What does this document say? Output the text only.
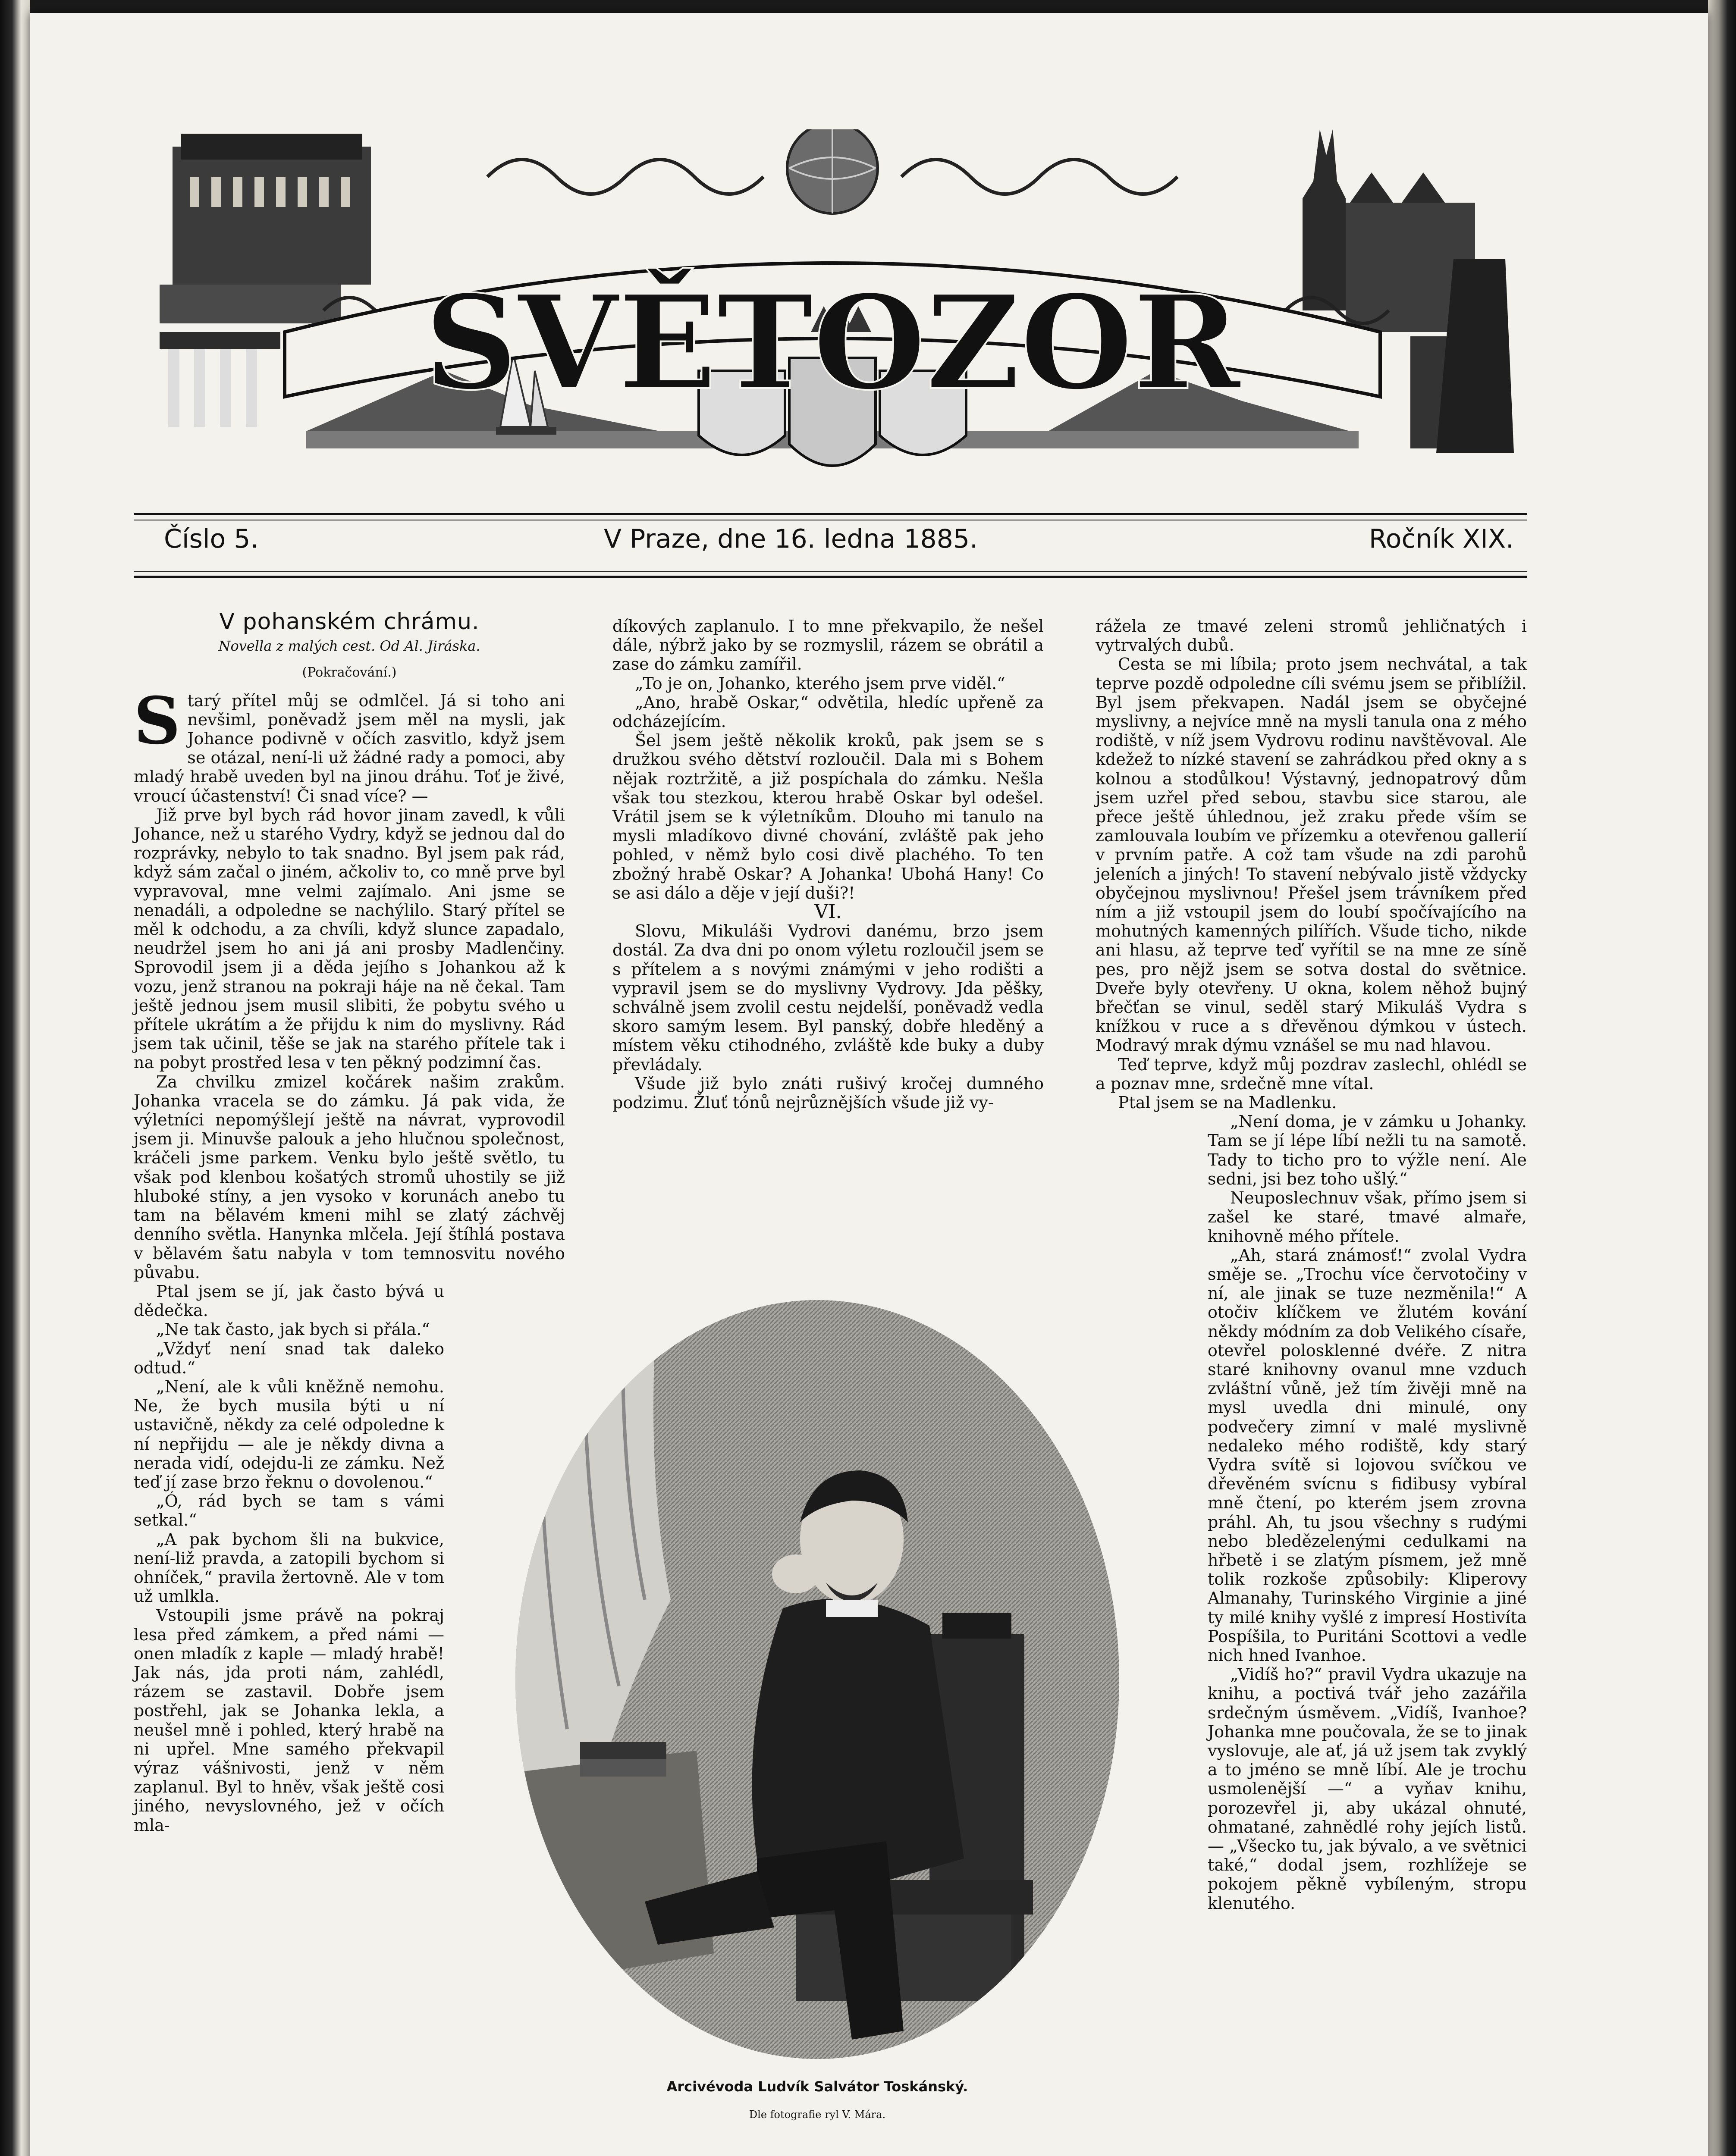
SVĚTOZOR
Číslo 5.	V Praze, dne 16. ledna 1885.	Ročník XIX.
V pohanském chrámu.
Novella z malých cest. Od Al. Jiráska.
(Pokračování.)

Starý přítel můj se odmlčel. Já si toho ani nevšiml, poněvadž jsem měl na mysli, jak Johance podivně v očích zasvitlo, když jsem se otázal, není-li už žádné rady a pomoci, aby mladý hrabě uveden byl na jinou dráhu. Toť je živé, vroucí účastenství! Či snad více? —

Již prve byl bych rád hovor jinam zavedl, k vůli Johance, než u starého Vydry, když se jednou dal do rozprávky, nebylo to tak snadno. Byl jsem pak rád, když sám začal o jiném, ačkoliv to, co mně prve byl vypravoval, mne velmi zajímalo. Ani jsme se nenadáli, a odpoledne se nachýlilo. Starý přítel se měl k odchodu, a za chvíli, když slunce zapadalo, neudržel jsem ho ani já ani prosby Madlenčiny. Sprovodil jsem ji a děda jejího s Johankou až k vozu, jenž stranou na pokraji háje na ně čekal. Tam ještě jednou jsem musil slibiti, že pobytu svého u přítele ukrátím a že přijdu k nim do myslivny. Rád jsem tak učinil, těše se jak na starého přítele tak i na pobyt prostřed lesa v ten pěkný podzimní čas.

Za chvilku zmizel kočárek našim zrakům. Johanka vracela se do zámku. Já pak vida, že výletníci nepomýšlejí ještě na návrat, vyprovodil jsem ji. Minuvše palouk a jeho hlučnou společnost, kráčeli jsme parkem. Venku bylo ještě světlo, tu však pod klenbou košatých stromů uhostily se již hluboké stíny, a jen vysoko v korunách anebo tu tam na bělavém kmeni mihl se zlatý záchvěj denního světla. Hanynka mlčela. Její štíhlá postava v bělavém šatu nabyla v tom temnosvitu nového půvabu.

Ptal jsem se jí, jak často bývá u dědečka.

„Ne tak často, jak bych si přála.“

„Vždyť není snad tak daleko odtud.“

„Není, ale k vůli kněžně nemohu. Ne, že bych musila býti u ní ustavičně, někdy za celé odpoledne k ní nepřijdu — ale je někdy divna a nerada vidí, odejdu-li ze zámku. Než teď jí zase brzo řeknu o dovolenou.“

„Ó, rád bych se tam s vámi setkal.“

„A pak bychom šli na bukvice, není-liž pravda, a zatopili bychom si ohníček,“ pravila žertovně. Ale v tom už umlkla.

Vstoupili jsme právě na pokraj lesa před zámkem, a před námi — onen mladík z kaple — mladý hrabě! Jak nás, jda proti nám, zahlédl, rázem se zastavil. Dobře jsem postřehl, jak se Johanka lekla, a neušel mně i pohled, který hrabě na ni upřel. Mne samého překvapil výraz vášnivosti, jenž v něm zaplanul. Byl to hněv, však ještě cosi jiného, nevyslovného, jež v očích mla-

díkových zaplanulo. I to mne překvapilo, že nešel dále, nýbrž jako by se rozmyslil, rázem se obrátil a zase do zámku zamířil.

„To je on, Johanko, kterého jsem prve viděl.“

„Ano, hrabě Oskar,“ odvětila, hledíc upřeně za odcházejícím.

Šel jsem ještě několik kroků, pak jsem se s družkou svého dětství rozloučil. Dala mi s Bohem nějak roztržitě, a již pospíchala do zámku. Nešla však tou stezkou, kterou hrabě Oskar byl odešel. Vrátil jsem se k výletníkům. Dlouho mi tanulo na mysli mladíkovo divné chování, zvláště pak jeho pohled, v němž bylo cosi divě plachého. To ten zbožný hrabě Oskar? A Johanka! Ubohá Hany! Co se asi dálo a děje v její duši?!

VI.

Slovu, Mikuláši Vydrovi danému, brzo jsem dostál. Za dva dni po onom výletu rozloučil jsem se s přítelem a s novými známými v jeho rodišti a vypravil jsem se do myslivny Vydrovy. Jda pěšky, schválně jsem zvolil cestu nejdelší, poněvadž vedla skoro samým lesem. Byl panský, dobře hleděný a místem věku ctihodného, zvláště kde buky a duby převládaly.

Všude již bylo znáti rušivý kročej dumného podzimu. Žluť tónů nejrůznějších všude již vy-

rážela ze tmavé zeleni stromů jehličnatých i vytrvalých dubů.

Cesta se mi líbila; proto jsem nechvátal, a tak teprve pozdě odpoledne cíli svému jsem se přiblížil. Byl jsem překvapen. Nadál jsem se obyčejné myslivny, a nejvíce mně na mysli tanula ona z mého rodiště, v níž jsem Vydrovu rodinu navštěvoval. Ale kdežež to nízké stavení se zahrádkou před okny a s kolnou a stodůlkou! Výstavný, jednopatrový dům jsem uzřel před sebou, stavbu sice starou, ale přece ještě úhlednou, jež zraku přede vším se zamlouvala loubím ve přízemku a otevřenou gallerií v prvním patře. A což tam všude na zdi parohů jeleních a jiných! To stavení nebývalo jistě vždycky obyčejnou myslivnou! Přešel jsem trávníkem před ním a již vstoupil jsem do loubí spočívajícího na mohutných kamenných pilířích. Všude ticho, nikde ani hlasu, až teprve teď vyřítil se na mne ze síně pes, pro nějž jsem se sotva dostal do světnice. Dveře byly otevřeny. U okna, kolem něhož bujný břečťan se vinul, seděl starý Mikuláš Vydra s knížkou v ruce a s dřevěnou dýmkou v ústech. Modravý mrak dýmu vznášel se mu nad hlavou.

Teď teprve, když můj pozdrav zaslechl, ohlédl se a poznav mne, srdečně mne vítal.

Ptal jsem se na Madlenku.

„Není doma, je v zámku u Johanky. Tam se jí lépe líbí nežli tu na samotě. Tady to ticho pro to výžle není. Ale sedni, jsi bez toho ušlý.“

Neuposlechnuv však, přímo jsem si zašel ke staré, tmavé almaře, knihovně mého přítele.

„Ah, stará známosť!“ zvolal Vydra směje se. „Trochu více červotočiny v ní, ale jinak se tuze nezměnila!“ A otočiv klíčkem ve žlutém kování někdy módním za dob Velikého císaře, otevřel polosklenné dvéře. Z nitra staré knihovny ovanul mne vzduch zvláštní vůně, jež tím živěji mně na mysl uvedla dni minulé, ony podvečery zimní v malé myslivně nedaleko mého rodiště, kdy starý Vydra svítě si lojovou svíčkou ve dřevěném svícnu s fidibusy vybíral mně čtení, po kterém jsem zrovna práhl. Ah, tu jsou všechny s rudými nebo bledězelenými cedulkami na hřbetě i se zlatým písmem, jež mně tolik rozkoše způsobily: Kliperovy Almanahy, Turinského Virginie a jiné ty milé knihy vyšlé z impresí Hostivíta Pospíšila, to Puritáni Scottovi a vedle nich hned Ivanhoe.

„Vidíš ho?“ pravil Vydra ukazuje na knihu, a poctivá tvář jeho zazářila srdečným úsměvem. „Vidíš, Ivanhoe? Johanka mne poučovala, že se to jinak vyslovuje, ale ať, já už jsem tak zvyklý a to jméno se mně líbí. Ale je trochu usmolenější —“ a vyňav knihu, porozevřel ji, aby ukázal ohnuté, ohmatané, zahnědlé rohy jejích listů. — „Všecko tu, jak bývalo, a ve světnici také,“ dodal jsem, rozhlížeje se pokojem pěkně vybíleným, stropu klenutého.

Arcivévoda Ludvík Salvátor Toskánský.
Dle fotografie ryl V. Mára.
